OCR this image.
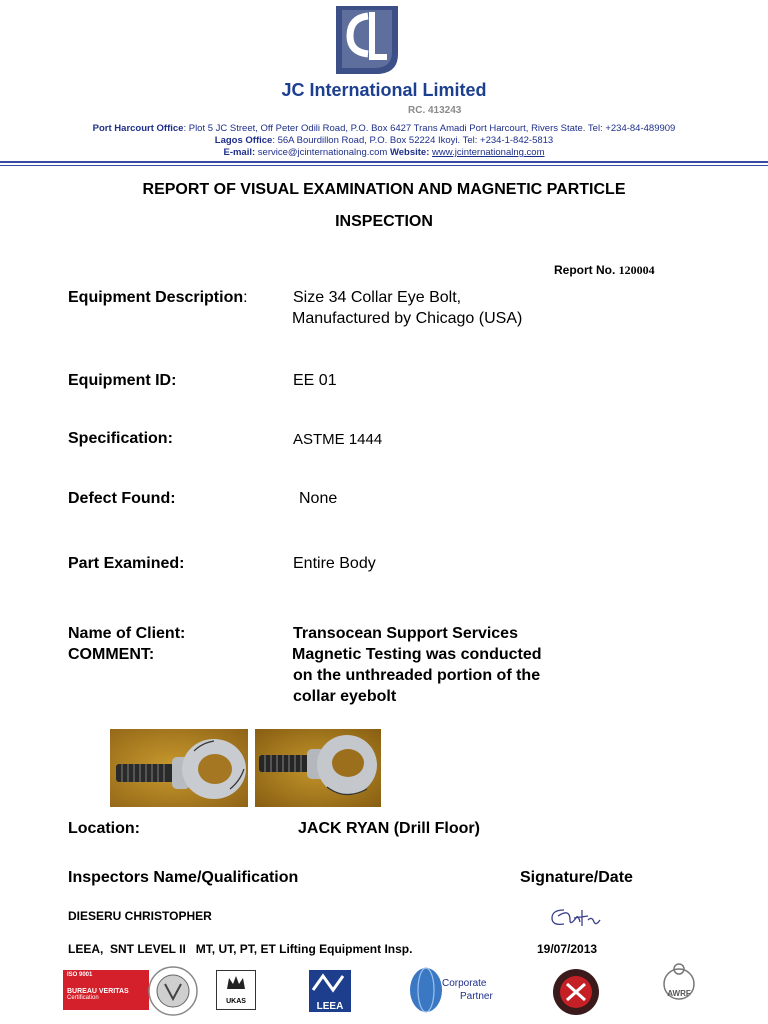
JC International Limited
RC. 413243
Port Harcourt Office: Plot 5 JC Street, Off Peter Odili Road, P.O. Box 6427 Trans Amadi Port Harcourt, Rivers State. Tel: +234-84-489909
Lagos Office: 56A Bourdillon Road, P.O. Box 52224 Ikoyi. Tel: +234-1-842-5813
E-mail: service@jcinternationalng.com Website: www.jcinternationalng.com
REPORT OF VISUAL EXAMINATION AND MAGNETIC PARTICLE
INSPECTION
Report No. 120004
Equipment Description:	Size 34 Collar Eye Bolt,
Manufactured by Chicago (USA)
Equipment ID:	EE 01
Specification:	ASTME 1444
Defect Found:	None
Part Examined:	Entire Body
Name of Client:	Transocean Support Services
COMMENT:	Magnetic Testing was conducted
on the unthreaded portion of the
collar eyebolt
Location:	JACK RYAN (Drill Floor)
Inspectors Name/Qualification	Signature/Date
DIESERU CHRISTOPHER
LEEA,  SNT LEVEL II   MT, UT, PT, ET Lifting Equipment Insp.	19/07/2013
ISO 9001
BUREAU VERITAS
Certification	UKAS	LEEA
Corporate
Partner	AWRF
